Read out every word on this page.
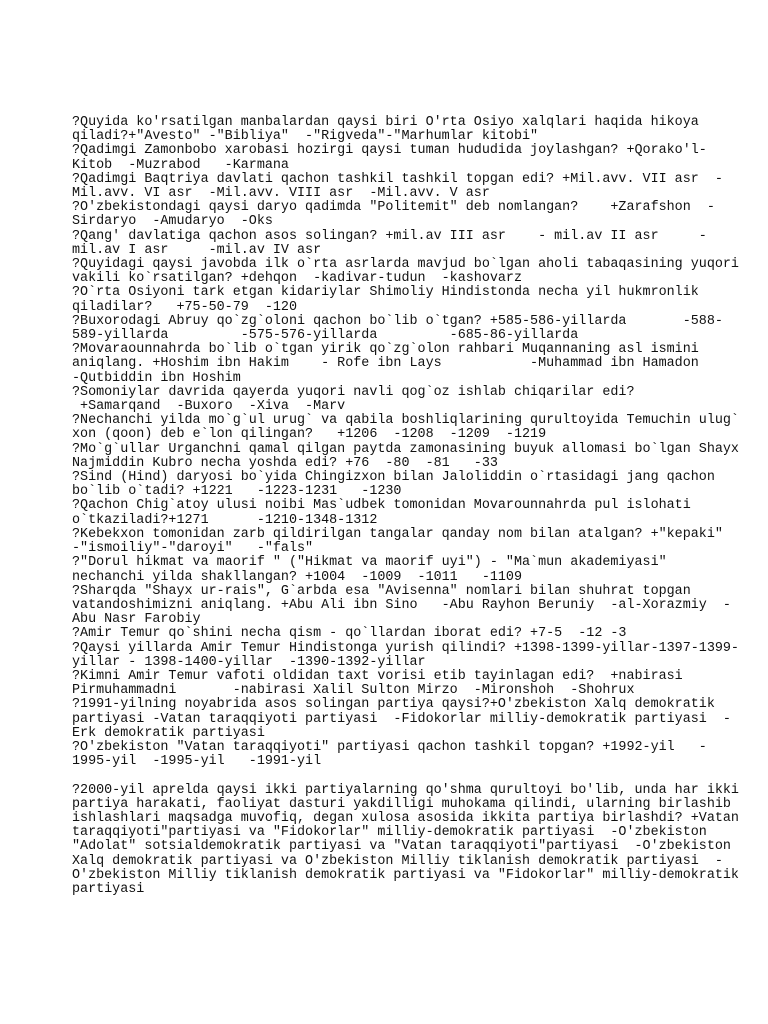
?Quyida ko'rsatilgan manbalardan qaysi biri O'rta Osiyo xalqlari haqida hikoya
qiladi?+"Avesto" -"Bibliya"  -"Rigveda"-"Marhumlar kitobi"
?Qadimgi Zamonbobo xarobasi hozirgi qaysi tuman hududida joylashgan? +Qorako'l-
Kitob  -Muzrabod   -Karmana
?Qadimgi Baqtriya davlati qachon tashkil tashkil topgan edi? +Mil.avv. VII asr  -
Mil.avv. VI asr  -Mil.avv. VIII asr  -Mil.avv. V asr
?O'zbekistondagi qaysi daryo qadimda "Politemit" deb nomlangan?    +Zarafshon  -
Sirdaryo  -Amudaryo  -Oks
?Qang' davlatiga qachon asos solingan? +mil.av III asr    - mil.av II asr     -
mil.av I asr     -mil.av IV asr
?Quyidagi qaysi javobda ilk o`rta asrlarda mavjud bo`lgan aholi tabaqasining yuqori
vakili ko`rsatilgan? +dehqon  -kadivar-tudun  -kashovarz
?O`rta Osiyoni tark etgan kidariylar Shimoliy Hindistonda necha yil hukmronlik
qiladilar?   +75-50-79  -120
?Buxorodagi Abruy qo`zg`oloni qachon bo`lib o`tgan? +585-586-yillarda       -588-
589-yillarda         -575-576-yillarda         -685-86-yillarda
?Movaraounnahrda bo`lib o`tgan yirik qo`zg`olon rahbari Muqannaning asl ismini
aniqlang. +Hoshim ibn Hakim    - Rofe ibn Lays           -Muhammad ibn Hamadon
-Qutbiddin ibn Hoshim
?Somoniylar davrida qayerda yuqori navli qog`oz ishlab chiqarilar edi?
+Samarqand  -Buxoro  -Xiva  -Marv
?Nechanchi yilda mo`g`ul urug` va qabila boshliqlarining qurultoyida Temuchin ulug`
xon (qoon) deb e`lon qilingan?   +1206  -1208  -1209  -1219
?Mo`g`ullar Urganchni qamal qilgan paytda zamonasining buyuk allomasi bo`lgan Shayx
Najmiddin Kubro necha yoshda edi? +76  -80  -81   -33
?Sind (Hind) daryosi bo`yida Chingizxon bilan Jaloliddin o`rtasidagi jang qachon
bo`lib o`tadi? +1221   -1223-1231   -1230
?Qachon Chig`atoy ulusi noibi Mas`udbek tomonidan Movarounnahrda pul islohati
o`tkaziladi?+1271      -1210-1348-1312
?Kebekxon tomonidan zarb qildirilgan tangalar qanday nom bilan atalgan? +"kepaki"
-"ismoiliy"-"daroyi"   -"fals"
?"Dorul hikmat va maorif " ("Hikmat va maorif uyi") - "Ma`mun akademiyasi"
nechanchi yilda shakllangan? +1004  -1009  -1011   -1109
?Sharqda "Shayx ur-rais", G`arbda esa "Avisenna" nomlari bilan shuhrat topgan
vatandoshimizni aniqlang. +Abu Ali ibn Sino   -Abu Rayhon Beruniy  -al-Xorazmiy  -
Abu Nasr Farobiy
?Amir Temur qo`shini necha qism - qo`llardan iborat edi? +7-5  -12 -3
?Qaysi yillarda Amir Temur Hindistonga yurish qilindi? +1398-1399-yillar-1397-1399-
yillar - 1398-1400-yillar  -1390-1392-yillar
?Kimni Amir Temur vafoti oldidan taxt vorisi etib tayinlagan edi?  +nabirasi
Pirmuhammadni       -nabirasi Xalil Sulton Mirzo  -Mironshoh  -Shohrux
?1991-yilning noyabrida asos solingan partiya qaysi?+O'zbekiston Xalq demokratik
partiyasi -Vatan taraqqiyoti partiyasi  -Fidokorlar milliy-demokratik partiyasi  -
Erk demokratik partiyasi
?O'zbekiston "Vatan taraqqiyoti" partiyasi qachon tashkil topgan? +1992-yil   -
1995-yil  -1995-yil   -1991-yil
?2000-yil aprelda qaysi ikki partiyalarning qo'shma qurultoyi bo'lib, unda har ikki
partiya harakati, faoliyat dasturi yakdilligi muhokama qilindi, ularning birlashib
ishlashlari maqsadga muvofiq, degan xulosa asosida ikkita partiya birlashdi? +Vatan
taraqqiyoti"partiyasi va "Fidokorlar" milliy-demokratik partiyasi  -O'zbekiston
"Adolat" sotsialdemokratik partiyasi va "Vatan taraqqiyoti"partiyasi  -O'zbekiston
Xalq demokratik partiyasi va O'zbekiston Milliy tiklanish demokratik partiyasi  -
O'zbekiston Milliy tiklanish demokratik partiyasi va "Fidokorlar" milliy-demokratik
partiyasi
